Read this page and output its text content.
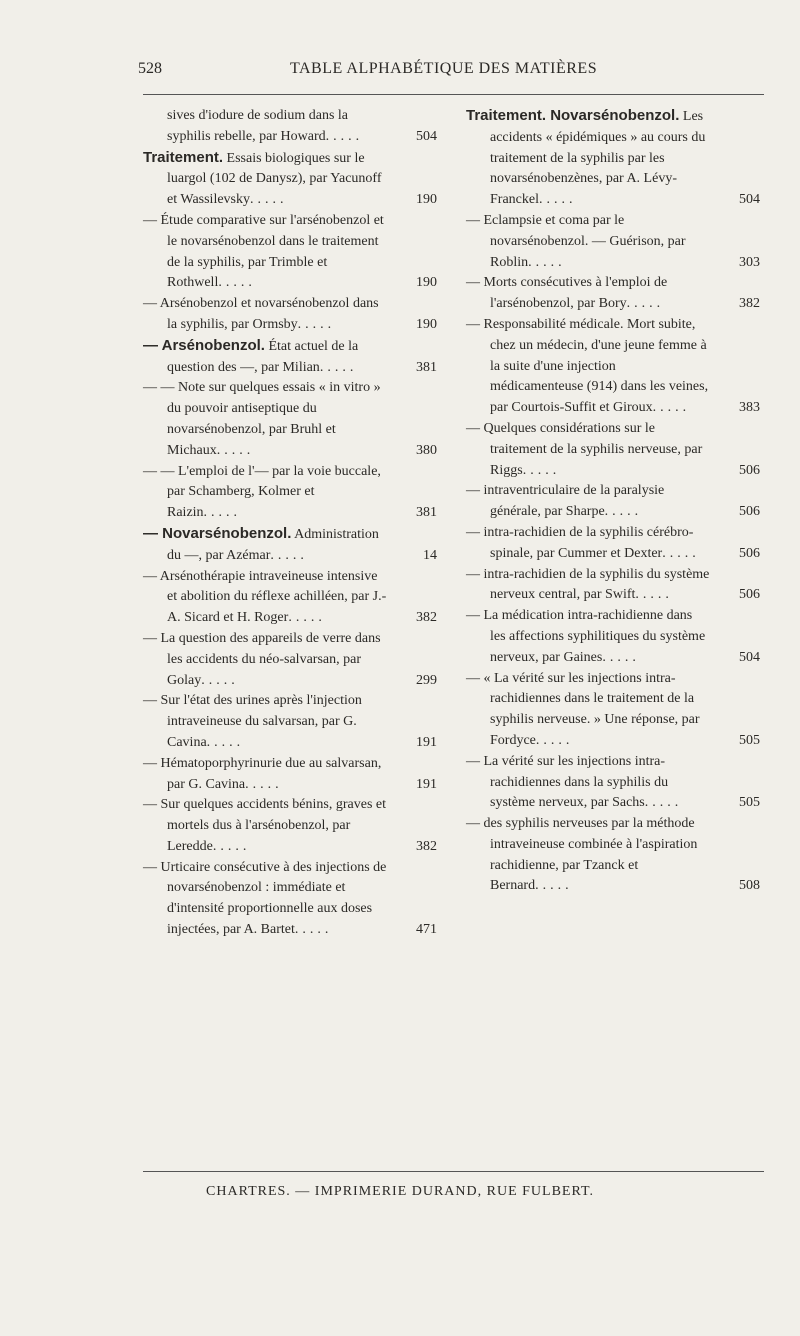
528	TABLE ALPHABÉTIQUE DES MATIÈRES
sives d'iodure de sodium dans la syphilis rebelle, par Howard.....	504
Traitement. Essais biologiques sur le luargol (102 de Danysz), par Yacunoff et Wassilevsky.....	190
— Étude comparative sur l'arsénobenzol et le novarsénobenzol dans le traitement de la syphilis, par Trimble et Rothwell.....	190
— Arsénobenzol et novarsénobenzol dans la syphilis, par Ormsby.....	190
— Arsénobenzol. État actuel de la question des —, par Milian.....	381
— — Note sur quelques essais « in vitro » du pouvoir antiseptique du novarsénobenzol, par Bruhl et Michaux.....	380
— — L'emploi de l'— par la voie buccale, par Schamberg, Kolmer et Raizin.....	381
— Novarsénobenzol. Administration du —, par Azémar.....	14
— Arsénothérapie intraveineuse intensive et abolition du réflexe achilléen, par J.-A. Sicard et H. Roger.....	382
— La question des appareils de verre dans les accidents du néo-salvarsan, par Golay.....	299
— Sur l'état des urines après l'injection intraveineuse du salvarsan, par G. Cavina.....	191
— Hématoporphyrinurie due au salvarsan, par G. Cavina.....	191
— Sur quelques accidents bénins, graves et mortels dus à l'arsénobenzol, par Leredde.....	382
— Urticaire consécutive à des injections de novarsénobenzol : immédiate et d'intensité proportionnelle aux doses injectées, par A. Bartet.....	471
Traitement. Novarsénobenzol. Les accidents « épidémiques » au cours du traitement de la syphilis par les novarsénobenzènes, par A. Lévy-Franckel.....	504
— Eclampsie et coma par le novarsénobenzol. — Guérison, par Roblin.....	303
— Morts consécutives à l'emploi de l'arsénobenzol, par Bory.....	382
— Responsabilité médicale. Mort subite, chez un médecin, d'une jeune femme à la suite d'une injection médicamenteuse (914) dans les veines, par Courtois-Suffit et Giroux.....	383
— Quelques considérations sur le traitement de la syphilis nerveuse, par Riggs.....	506
— intraventriculaire de la paralysie générale, par Sharpe.....	506
— intra-rachidien de la syphilis cérébro-spinale, par Cummer et Dexter.....	506
— intra-rachidien de la syphilis du système nerveux central, par Swift.....	506
— La médication intra-rachidienne dans les affections syphilitiques du système nerveux, par Gaines.....	504
— « La vérité sur les injections intra-rachidiennes dans le traitement de la syphilis nerveuse. » Une réponse, par Fordyce.....	505
— La vérité sur les injections intra-rachidiennes dans la syphilis du système nerveux, par Sachs.....	505
— des syphilis nerveuses par la méthode intraveineuse combinée à l'aspiration rachidienne, par Tzanck et Bernard.....	508
CHARTRES. — IMPRIMERIE DURAND, RUE FULBERT.
